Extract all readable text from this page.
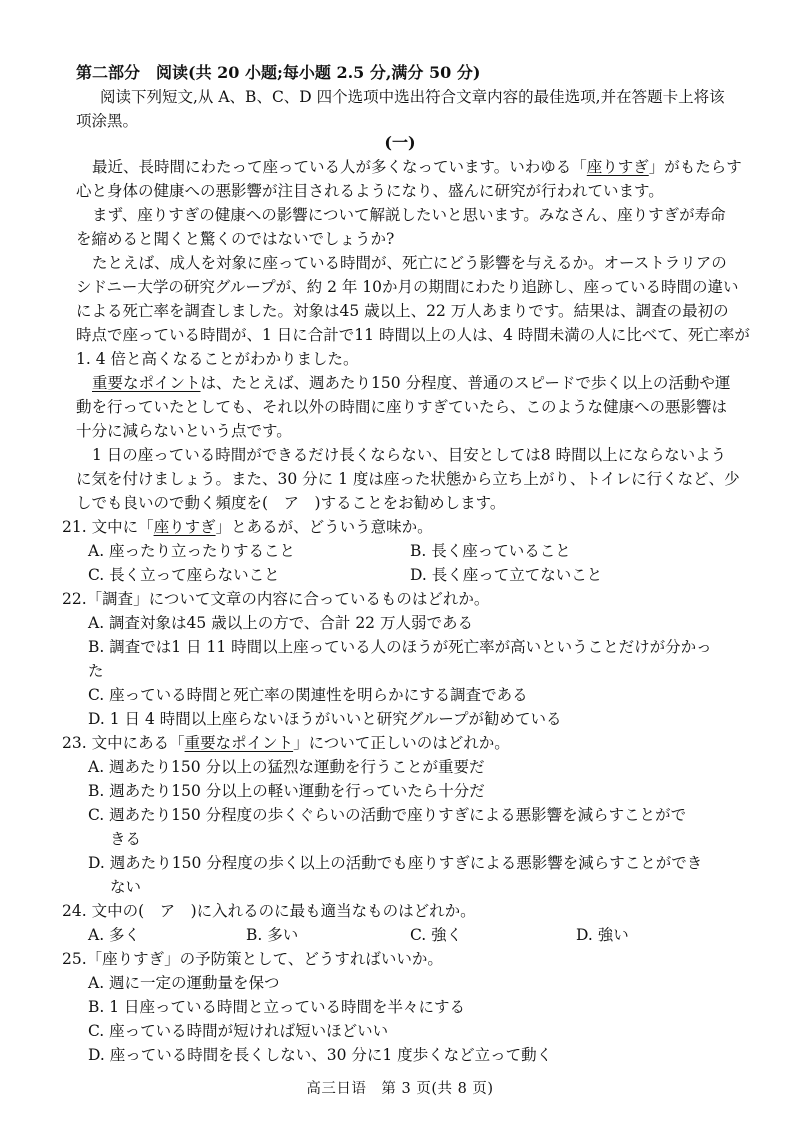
第二部分　阅读(共 20 小题;每小题 2.5 分,满分 50 分)
阅读下列短文,从 A、B、C、D 四个选项中选出符合文章内容的最佳选项,并在答题卡上将该
项涂黑。
(一)
最近、長時間にわたって座っている人が多くなっています。いわゆる「座りすぎ」がもたらす
心と身体の健康への悪影響が注目されるようになり、盛んに研究が行われています。
まず、座りすぎの健康への影響について解説したいと思います。みなさん、座りすぎが寿命
を縮めると聞くと驚くのではないでしょうか?
たとえば、成人を対象に座っている時間が、死亡にどう影響を与えるか。オーストラリアの
シドニー大学の研究グループが、約 2 年 10か月の期間にわたり追跡し、座っている時間の違い
による死亡率を調査しました。対象は45 歳以上、22 万人あまりです。結果は、調査の最初の
時点で座っている時間が、1 日に合計で11 時間以上の人は、4 時間未満の人に比べて、死亡率が
1. 4 倍と高くなることがわかりました。
重要なポイントは、たとえば、週あたり150 分程度、普通のスピードで歩く以上の活動や運
動を行っていたとしても、それ以外の時間に座りすぎていたら、このような健康への悪影響は
十分に減らないという点です。
1 日の座っている時間ができるだけ長くならない、目安としては8 時間以上にならないよう
に気を付けましょう。また、30 分に 1 度は座った状態から立ち上がり、トイレに行くなど、少
しでも良いので動く頻度を(　ア　)することをお勧めします。
21. 文中に「座りすぎ」とあるが、どういう意味か。
A. 座ったり立ったりすること	B. 長く座っていること
C. 長く立って座らないこと	D. 長く座って立てないこと
22.「調査」について文章の内容に合っているものはどれか。
A. 調査対象は45 歳以上の方で、合計 22 万人弱である
B. 調査では1 日 11 時間以上座っている人のほうが死亡率が高いということだけが分かっ
た
C. 座っている時間と死亡率の関連性を明らかにする調査である
D. 1 日 4 時間以上座らないほうがいいと研究グループが勧めている
23. 文中にある「重要なポイント」について正しいのはどれか。
A. 週あたり150 分以上の猛烈な運動を行うことが重要だ
B. 週あたり150 分以上の軽い運動を行っていたら十分だ
C. 週あたり150 分程度の歩くぐらいの活動で座りすぎによる悪影響を減らすことがで
きる
D. 週あたり150 分程度の歩く以上の活動でも座りすぎによる悪影響を減らすことができ
ない
24. 文中の(　ア　)に入れるのに最も適当なものはどれか。
A. 多く	B. 多い	C. 強く	D. 強い
25.「座りすぎ」の予防策として、どうすればいいか。
A. 週に一定の運動量を保つ
B. 1 日座っている時間と立っている時間を半々にする
C. 座っている時間が短ければ短いほどいい
D. 座っている時間を長くしない、30 分に1 度歩くなど立って動く
高三日语　第 3 页(共 8 页)
